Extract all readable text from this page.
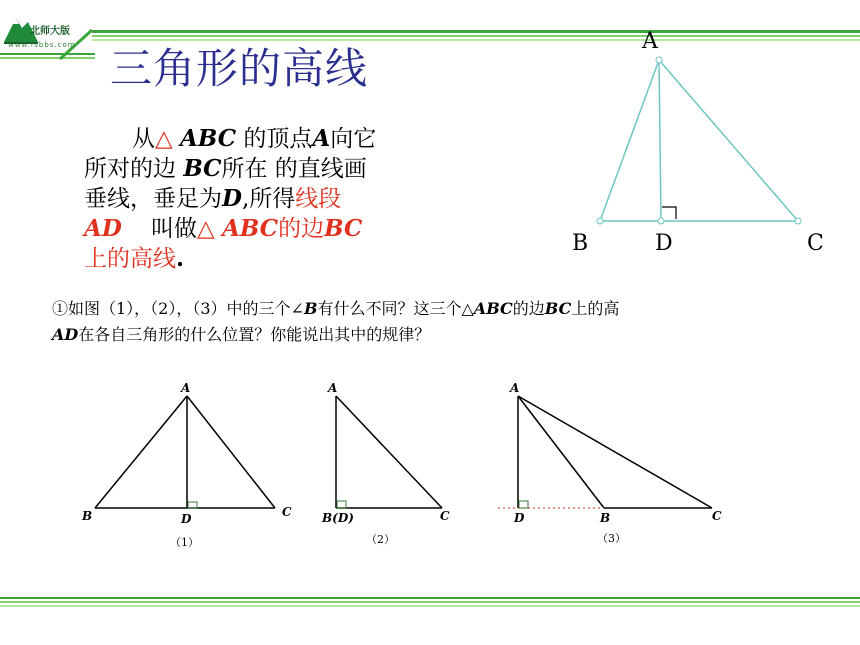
北师大版
www.fsbbs.com 三角形的高线
从△ ABC 的顶点A向它
所对的边 BC所在 的直线画
垂线，垂足为D,所得线段
AD 叫做△ ABC的边BC
上的高线.
A
B	D	C
①如图（1），（2），（3）中的三个∠B有什么不同？这三个△ABC的边BC上的高
AD在各自三角形的什么位置？你能说出其中的规律？
A
B	D	C
（1）
A
B(D)	C
（2）
A
D	B	C
（3）
